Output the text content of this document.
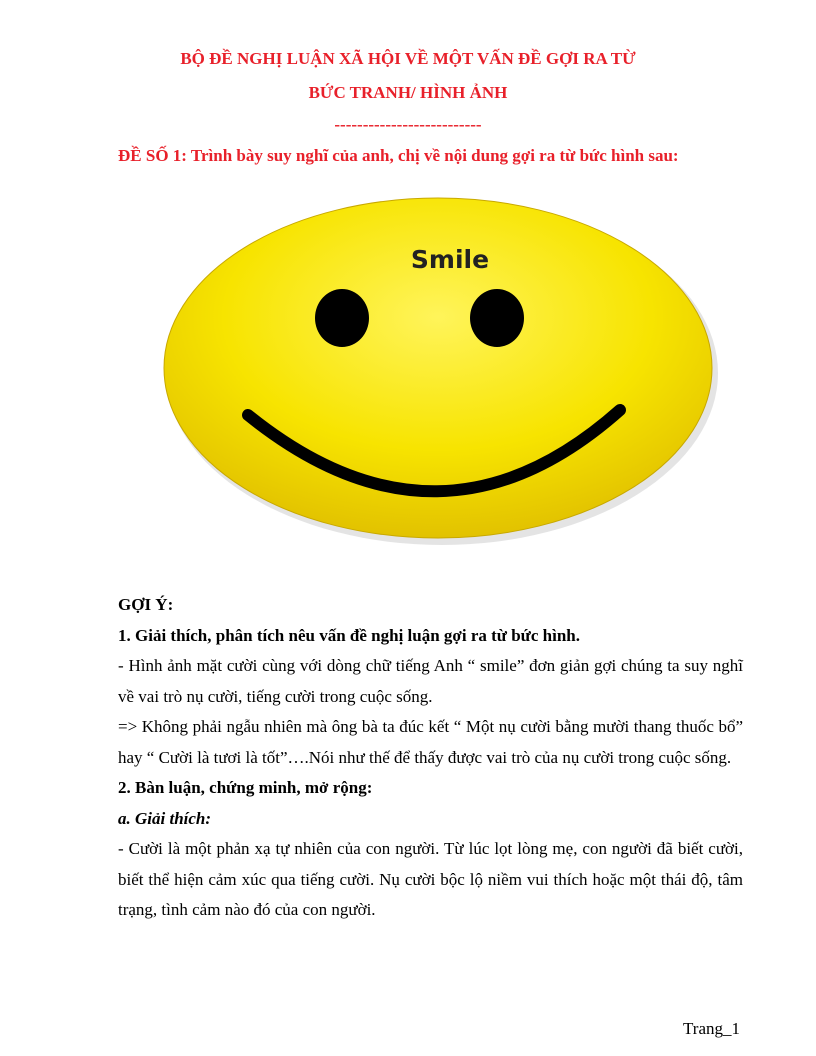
BỘ ĐỀ NGHỊ LUẬN XÃ HỘI VỀ MỘT VẤN ĐỀ GỢI RA TỪ
BỨC TRANH/ HÌNH ẢNH
--------------------------
ĐỀ SỐ 1: Trình bày suy nghĩ của anh, chị về nội dung gợi ra từ bức hình sau:
Smile

GỢI Ý:

1. Giải thích, phân tích nêu vấn đề nghị luận gợi ra từ bức hình.

- Hình ảnh mặt cười cùng với dòng chữ tiếng Anh “ smile” đơn giản gợi chúng ta suy nghĩ về vai trò nụ cười, tiếng cười trong cuộc sống.

=> Không phải ngẫu nhiên mà ông bà ta đúc kết “ Một nụ cười bằng mười thang thuốc bổ” hay “ Cười là tươi là tốt”….Nói như thế để thấy được vai trò của nụ cười trong cuộc sống.

2. Bàn luận, chứng minh, mở rộng:

a. Giải thích:

- Cười là một phản xạ tự nhiên của con người. Từ lúc lọt lòng mẹ, con người đã biết cười, biết thể hiện cảm xúc qua tiếng cười. Nụ cười bộc lộ niềm vui thích hoặc một thái độ, tâm trạng, tình cảm nào đó của con người.

Trang_1
